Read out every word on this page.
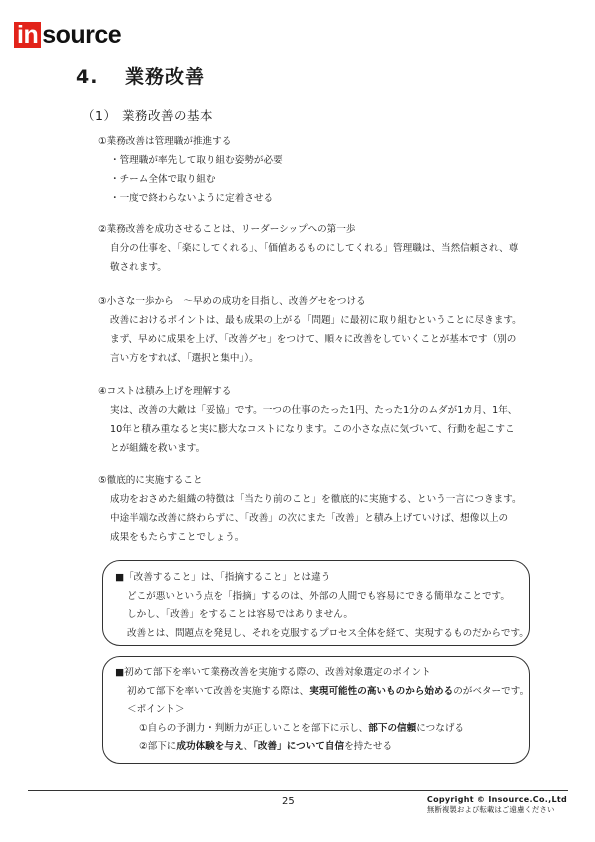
in source
4. 業務改善
（1） 業務改善の基本
①業務改善は管理職が推進する
・管理職が率先して取り組む姿勢が必要
・チーム全体で取り組む
・一度で終わらないように定着させる
②業務改善を成功させることは、リーダーシップへの第一歩
自分の仕事を、「楽にしてくれる」、「価値あるものにしてくれる」管理職は、当然信頼され、尊
敬されます。
③小さな一歩から　～早めの成功を目指し、改善グセをつける
改善におけるポイントは、最も成果の上がる「問題」に最初に取り組むということに尽きます。
まず、早めに成果を上げ、「改善グセ」をつけて、順々に改善をしていくことが基本です（別の
言い方をすれば、「選択と集中」）。
④コストは積み上げを理解する
実は、改善の大敵は「妥協」です。一つの仕事のたった1円、たった1分のムダが1カ月、1年、
10年と積み重なると実に膨大なコストになります。この小さな点に気づいて、行動を起こすこ
とが組織を救います。
⑤徹底的に実施すること
成功をおさめた組織の特徴は「当たり前のこと」を徹底的に実施する、という一言につきます。
中途半端な改善に終わらずに、「改善」の次にまた「改善」と積み上げていけば、想像以上の
成果をもたらすことでしょう。
■「改善すること」は、「指摘すること」とは違う
どこが悪いという点を「指摘」するのは、外部の人間でも容易にできる簡単なことです。
しかし、「改善」をすることは容易ではありません。
改善とは、問題点を発見し、それを克服するプロセス全体を経て、実現するものだからです。
■初めて部下を率いて業務改善を実施する際の、改善対象選定のポイント
初めて部下を率いて改善を実施する際は、実現可能性の高いものから始めるのがベターです。
＜ポイント＞
①自らの予測力・判断力が正しいことを部下に示し、部下の信頼につなげる
②部下に成功体験を与え、「改善」について自信を持たせる
25	Copyright © Insource.Co.,Ltd
無断複製および転載はご遠慮ください
